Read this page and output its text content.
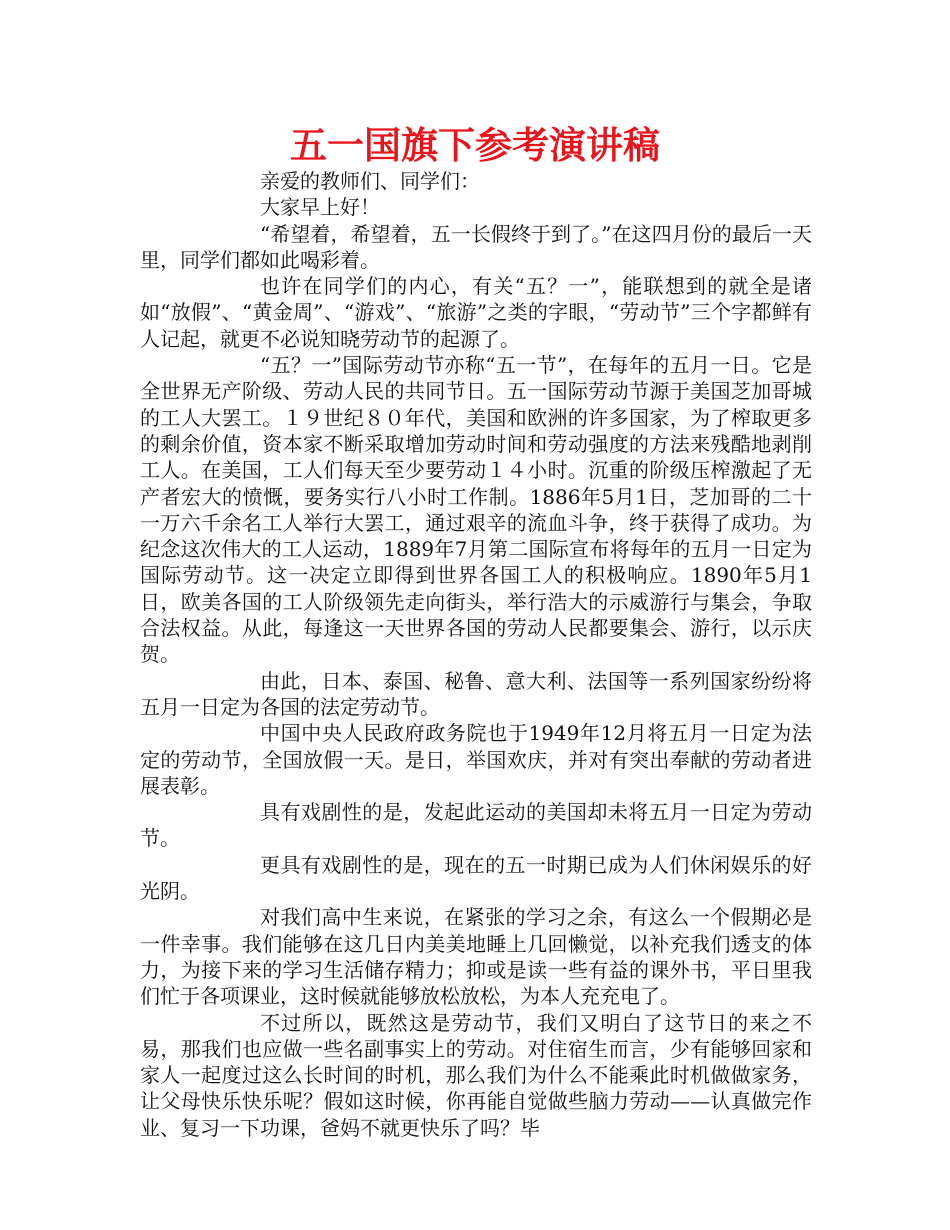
五一国旗下参考演讲稿

亲爱的教师们、同学们：

大家早上好！

“希望着，希望着，五一长假终于到了。”在这四月份的最后一天里，同学们都如此喝彩着。

也许在同学们的内心，有关“五？一”，能联想到的就全是诸如“放假”、“黄金周”、“游戏”、“旅游”之类的字眼，“劳动节”三个字都鲜有人记起，就更不必说知晓劳动节的起源了。

“五？一”国际劳动节亦称“五一节”，在每年的五月一日。它是全世界无产阶级、劳动人民的共同节日。五一国际劳动节源于美国芝加哥城的工人大罢工。１９世纪８０年代，美国和欧洲的许多国家，为了榨取更多的剩余价值，资本家不断采取增加劳动时间和劳动强度的方法来残酷地剥削工人。在美国，工人们每天至少要劳动１４小时。沉重的阶级压榨激起了无产者宏大的愤慨，要务实行八小时工作制。1886年5月1日，芝加哥的二十一万六千余名工人举行大罢工，通过艰辛的流血斗争，终于获得了成功。为纪念这次伟大的工人运动，1889年7月第二国际宣布将每年的五月一日定为国际劳动节。这一决定立即得到世界各国工人的积极响应。1890年5月1日，欧美各国的工人阶级领先走向街头，举行浩大的示威游行与集会，争取合法权益。从此，每逢这一天世界各国的劳动人民都要集会、游行，以示庆贺。

由此，日本、泰国、秘鲁、意大利、法国等一系列国家纷纷将五月一日定为各国的法定劳动节。

中国中央人民政府政务院也于1949年12月将五月一日定为法定的劳动节，全国放假一天。是日，举国欢庆，并对有突出奉献的劳动者进展表彰。

具有戏剧性的是，发起此运动的美国却未将五月一日定为劳动节。

更具有戏剧性的是，现在的五一时期已成为人们休闲娱乐的好光阴。

对我们高中生来说，在紧张的学习之余，有这么一个假期必是一件幸事。我们能够在这几日内美美地睡上几回懒觉，以补充我们透支的体力，为接下来的学习生活储存精力；抑或是读一些有益的课外书，平日里我们忙于各项课业，这时候就能够放松放松，为本人充充电了。

不过所以，既然这是劳动节，我们又明白了这节日的来之不易，那我们也应做一些名副事实上的劳动。对住宿生而言，少有能够回家和家人一起度过这么长时间的时机，那么我们为什么不能乘此时机做做家务，让父母快乐快乐呢？假如这时候，你再能自觉做些脑力劳动——认真做完作业、复习一下功课，爸妈不就更快乐了吗？毕
